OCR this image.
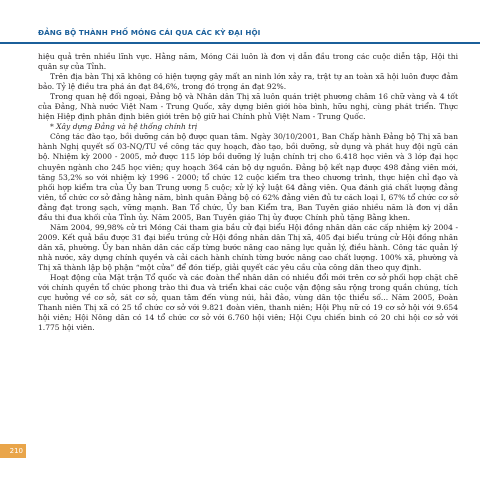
ĐẢNG BỘ THÀNH PHỐ MÓNG CÁI QUA CÁC KỲ ĐẠI HỘI

hiệu quả trên nhiều lĩnh vực. Hằng năm, Móng Cái luôn là đơn vị dẫn đầu trong các cuộc diễn tập, Hội thi quân sự của Tỉnh.

Trên địa bàn Thị xã không có hiện tượng gây mất an ninh lớn xảy ra, trật tự an toàn xã hội luôn được đảm bảo. Tỷ lệ điều tra phá án đạt 84,6%, trong đó trọng án đạt 92%.

Trong quan hệ đối ngoại, Đảng bộ và Nhân dân Thị xã luôn quán triệt phương châm 16 chữ vàng và 4 tốt của Đảng, Nhà nước Việt Nam - Trung Quốc, xây dựng biên giới hòa bình, hữu nghị, cùng phát triển. Thực hiện Hiệp định phân định biên giới trên bộ giữ hai Chính phủ Việt Nam - Trung Quốc.

* Xây dựng Đảng và hệ thống chính trị

Công tác đào tạo, bồi dưỡng cán bộ được quan tâm. Ngày 30/10/2001, Ban Chấp hành Đảng bộ Thị xã ban hành Nghị quyết số 03-NQ/TU về công tác quy hoạch, đào tạo, bồi dưỡng, sử dụng và phát huy đội ngũ cán bộ. Nhiệm kỳ 2000 - 2005, mở được 115 lớp bồi dưỡng lý luận chính trị cho 6.418 học viên và 3 lớp đại học chuyên ngành cho 245 học viên; quy hoạch 364 cán bộ dự nguồn. Đảng bộ kết nạp được 498 đảng viên mới, tăng 53,2% so với nhiệm kỳ 1996 - 2000; tổ chức 12 cuộc kiểm tra theo chương trình, thực hiện chỉ đạo và phối hợp kiểm tra của Ủy ban Trung ương 5 cuộc; xử lý kỷ luật 64 đảng viên. Qua đánh giá chất lượng đảng viên, tổ chức cơ sở đảng hằng năm, bình quân Đảng bộ có 62% đảng viên đủ tư cách loại I, 67% tổ chức cơ sở đảng đạt trong sạch, vững mạnh. Ban Tổ chức, Ủy ban Kiểm tra, Ban Tuyên giáo nhiều năm là đơn vị dẫn đầu thi đua khối của Tỉnh ủy. Năm 2005, Ban Tuyên giáo Thị ủy được Chính phủ tặng Bằng khen.

Năm 2004, 99,98% cử tri Móng Cái tham gia bầu cử đại biểu Hội đồng nhân dân các cấp nhiệm kỳ 2004 - 2009. Kết quả bầu được 31 đại biểu trúng cử Hội đồng nhân dân Thị xã, 405 đại biểu trúng cử Hội đồng nhân dân xã, phường. Ủy ban nhân dân các cấp từng bước nâng cao năng lực quản lý, điều hành. Công tác quản lý nhà nước, xây dựng chính quyền và cải cách hành chính từng bước nâng cao chất lượng. 100% xã, phường và Thị xã thành lập bộ phận “một cửa” để đón tiếp, giải quyết các yêu cầu của công dân theo quy định.

Hoạt động của Mặt trận Tổ quốc và các đoàn thể nhân dân có nhiều đổi mới trên cơ sở phối hợp chặt chẽ với chính quyền tổ chức phong trào thi đua và triển khai các cuộc vận động sâu rộng trong quần chúng, tích cực hưởng về cơ sở, sát cơ sở, quan tâm đến vùng núi, hải đảo, vùng dân tộc thiểu số... Năm 2005, Đoàn Thanh niên Thị xã có 25 tổ chức cơ sở với 9.821 đoàn viên, thanh niên; Hội Phụ nữ có 19 cơ sở hội với 9.654 hội viên; Hội Nông dân có 14 tổ chức cơ sở với 6.760 hội viên; Hội Cựu chiến binh có 20 chi hội cơ sở với 1.775 hội viên.

210
